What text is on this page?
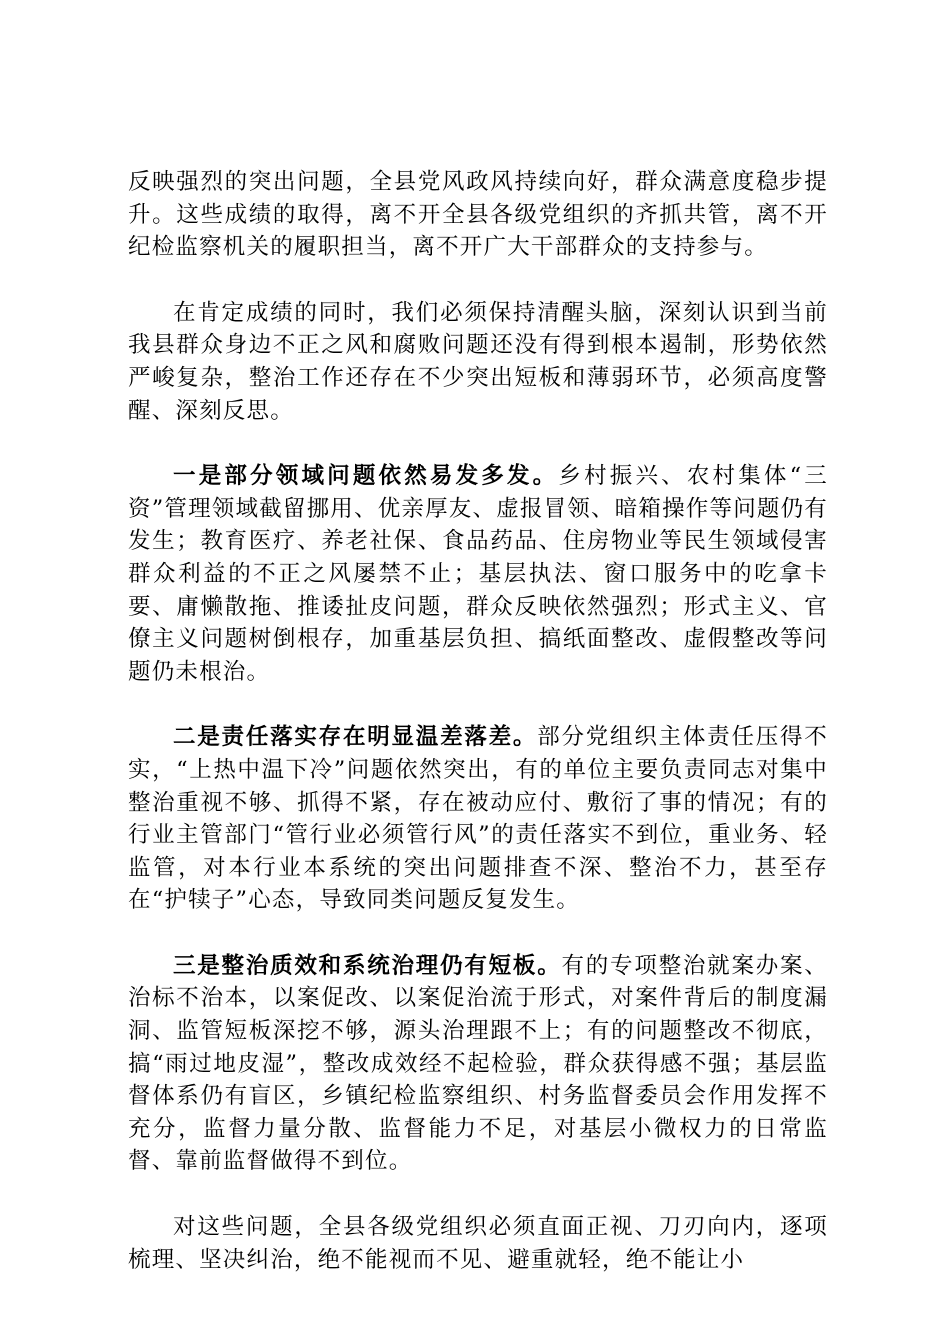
反映强烈的突出问题，全县党风政风持续向好，群众满意度稳步提升。这些成绩的取得，离不开全县各级党组织的齐抓共管，离不开纪检监察机关的履职担当，离不开广大干部群众的支持参与。

在肯定成绩的同时，我们必须保持清醒头脑，深刻认识到当前我县群众身边不正之风和腐败问题还没有得到根本遏制，形势依然严峻复杂，整治工作还存在不少突出短板和薄弱环节，必须高度警醒、深刻反思。

一是部分领域问题依然易发多发。乡村振兴、农村集体“三资”管理领域截留挪用、优亲厚友、虚报冒领、暗箱操作等问题仍有发生；教育医疗、养老社保、食品药品、住房物业等民生领域侵害群众利益的不正之风屡禁不止；基层执法、窗口服务中的吃拿卡要、庸懒散拖、推诿扯皮问题，群众反映依然强烈；形式主义、官僚主义问题树倒根存，加重基层负担、搞纸面整改、虚假整改等问题仍未根治。

二是责任落实存在明显温差落差。部分党组织主体责任压得不实，“上热中温下冷”问题依然突出，有的单位主要负责同志对集中整治重视不够、抓得不紧，存在被动应付、敷衍了事的情况；有的行业主管部门“管行业必须管行风”的责任落实不到位，重业务、轻监管，对本行业本系统的突出问题排查不深、整治不力，甚至存在“护犊子”心态，导致同类问题反复发生。

三是整治质效和系统治理仍有短板。有的专项整治就案办案、治标不治本，以案促改、以案促治流于形式，对案件背后的制度漏洞、监管短板深挖不够，源头治理跟不上；有的问题整改不彻底，搞“雨过地皮湿”，整改成效经不起检验，群众获得感不强；基层监督体系仍有盲区，乡镇纪检监察组织、村务监督委员会作用发挥不充分，监督力量分散、监督能力不足，对基层小微权力的日常监督、靠前监督做得不到位。

对这些问题，全县各级党组织必须直面正视、刀刃向内，逐项梳理、坚决纠治，绝不能视而不见、避重就轻，绝不能让小
